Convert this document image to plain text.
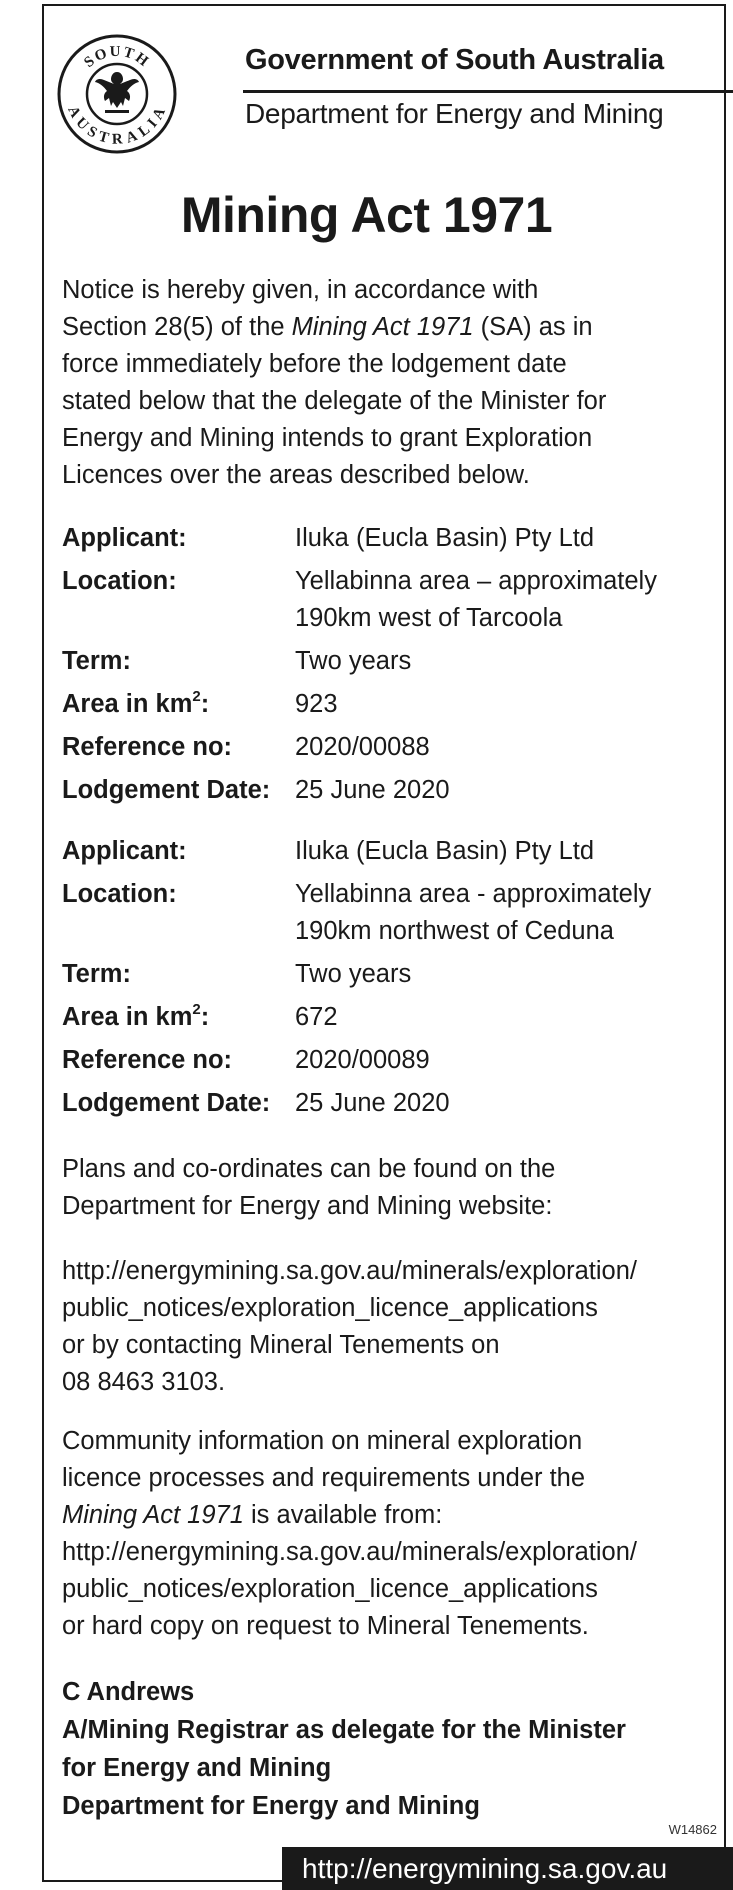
SOUTH
AUSTRALIA
Government of South Australia
Department for Energy and Mining
Mining Act 1971
Notice is hereby given, in accordance with
Section 28(5) of the Mining Act 1971 (SA) as in
force immediately before the lodgement date
stated below that the delegate of the Minister for
Energy and Mining intends to grant Exploration
Licences over the areas described below.
Applicant:	Iluka (Eucla Basin) Pty Ltd
Location:	Yellabinna area – approximately
190km west of Tarcoola
Term:	Two years
Area in $km^2$:	923
Reference no: 2020/00088
Lodgement Date: 25 June 2020
Applicant:	Iluka (Eucla Basin) Pty Ltd
Location:	Yellabinna area - approximately
190km northwest of Ceduna
Term:	Two years
Area in $km^2$:	672
Reference no: 2020/00089
Lodgement Date: 25 June 2020
Plans and co-ordinates can be found on the
Department for Energy and Mining website:
http://energymining.sa.gov.au/minerals/exploration/
public_notices/exploration_licence_applications
or by contacting Mineral Tenements on
08 8463 3103.
Community information on mineral exploration
licence processes and requirements under the
Mining Act 1971 is available from:
http://energymining.sa.gov.au/minerals/exploration/
public_notices/exploration_licence_applications
or hard copy on request to Mineral Tenements.
C Andrews
A/Mining Registrar as delegate for the Minister
for Energy and Mining
Department for Energy and Mining
W14862
http://energymining.sa.gov.au
